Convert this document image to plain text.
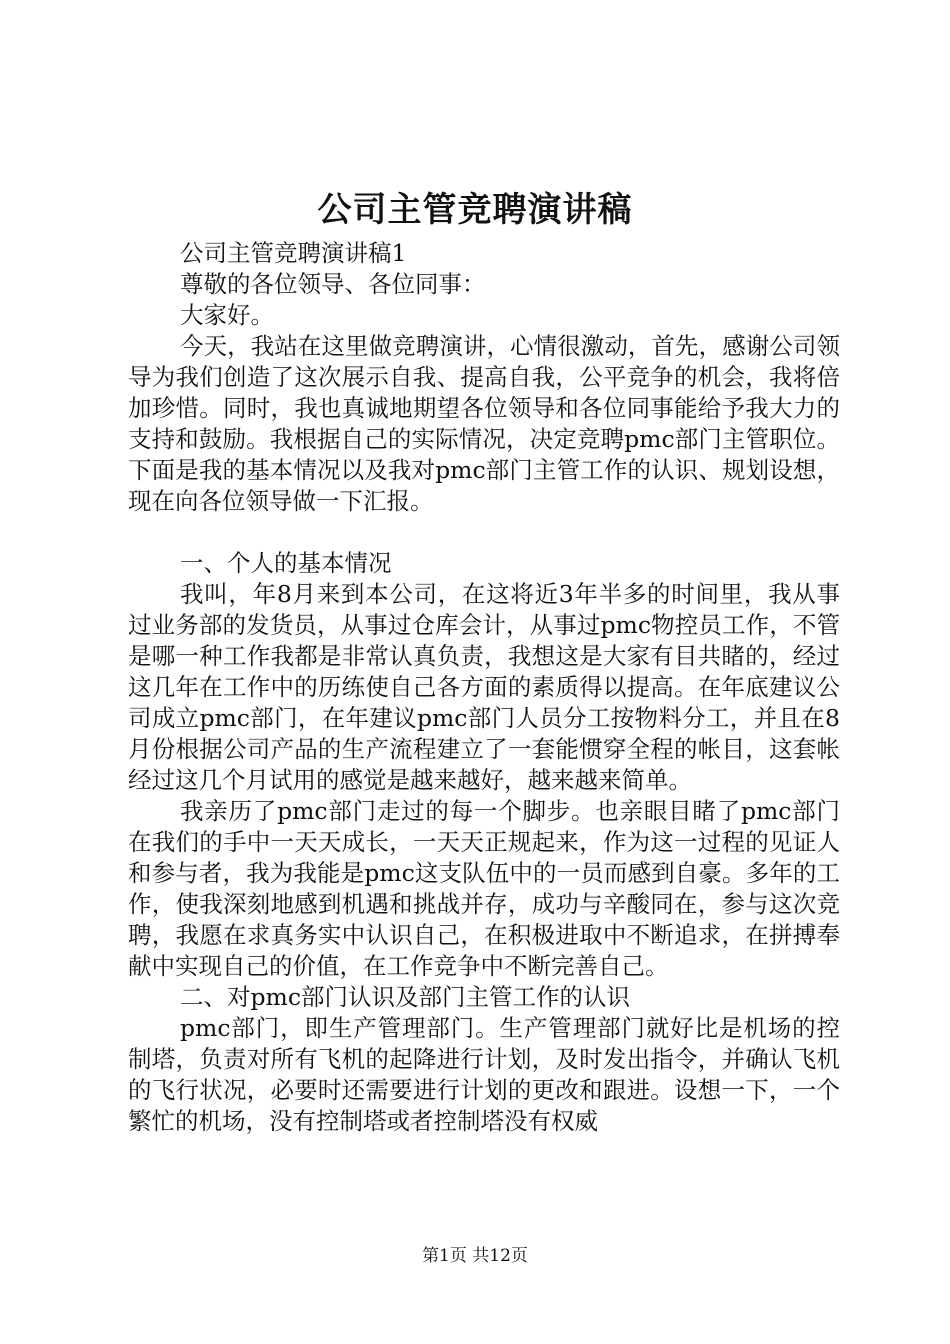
公司主管竞聘演讲稿

公司主管竞聘演讲稿1

尊敬的各位领导、各位同事：

大家好。

今天，我站在这里做竞聘演讲，心情很激动，首先，感谢公司领导为我们创造了这次展示自我、提高自我，公平竞争的机会，我将倍加珍惜。同时，我也真诚地期望各位领导和各位同事能给予我大力的支持和鼓励。我根据自己的实际情况，决定竞聘pmc部门主管职位。下面是我的基本情况以及我对pmc部门主管工作的认识、规划设想，现在向各位领导做一下汇报。

一、个人的基本情况

我叫，年8月来到本公司，在这将近3年半多的时间里，我从事过业务部的发货员，从事过仓库会计，从事过pmc物控员工作，不管是哪一种工作我都是非常认真负责，我想这是大家有目共睹的，经过这几年在工作中的历练使自己各方面的素质得以提高。在年底建议公司成立pmc部门，在年建议pmc部门人员分工按物料分工，并且在8月份根据公司产品的生产流程建立了一套能惯穿全程的帐目，这套帐经过这几个月试用的感觉是越来越好，越来越来简单。

我亲历了pmc部门走过的每一个脚步。也亲眼目睹了pmc部门在我们的手中一天天成长，一天天正规起来，作为这一过程的见证人和参与者，我为我能是pmc这支队伍中的一员而感到自豪。多年的工作，使我深刻地感到机遇和挑战并存，成功与辛酸同在，参与这次竞聘，我愿在求真务实中认识自己，在积极进取中不断追求，在拼搏奉献中实现自己的价值，在工作竞争中不断完善自己。

二、对pmc部门认识及部门主管工作的认识

pmc部门，即生产管理部门。生产管理部门就好比是机场的控制塔，负责对所有飞机的起降进行计划，及时发出指令，并确认飞机的飞行状况，必要时还需要进行计划的更改和跟进。设想一下，一个繁忙的机场，没有控制塔或者控制塔没有权威

第1页 共12页
